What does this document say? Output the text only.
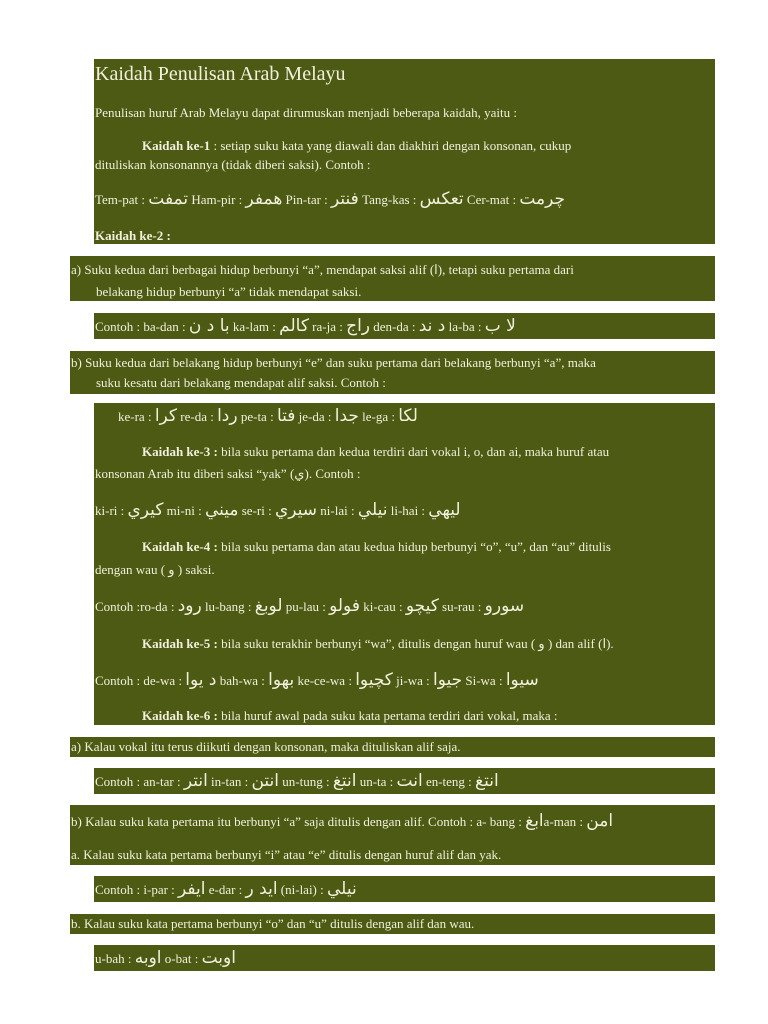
Kaidah Penulisan Arab Melayu
Penulisan huruf Arab Melayu dapat dirumuskan menjadi beberapa kaidah, yaitu :
Kaidah ke-1 : setiap suku kata yang diawali dan diakhiri dengan konsonan, cukup
dituliskan konsonannya (tidak diberi saksi). Contoh :
Tem-pat : تمفت Ham-pir : همفر Pin-tar : فنتر Tang-kas : تعكس Cer-mat : چرمت
Kaidah ke-2 :
a) Suku kedua dari berbagai hidup berbunyi “a”, mendapat saksi alif (ا), tetapi suku pertama dari
belakang hidup berbunyi “a” tidak mendapat saksi.
Contoh : ba-dan : با د ن ka-lam : كالم ra-ja : راج den-da : د ند la-ba : لا ب
b) Suku kedua dari belakang hidup berbunyi “e” dan suku pertama dari belakang berbunyi “a”, maka
suku kesatu dari belakang mendapat alif saksi. Contoh :
ke-ra : كرا re-da : ردا pe-ta : فتا je-da : جدا le-ga : لكا
Kaidah ke-3 : bila suku pertama dan kedua terdiri dari vokal i, o, dan ai, maka huruf atau
konsonan Arab itu diberi saksi “yak” (ي). Contoh :
ki-ri : كيري mi-ni : ميني se-ri : سيري ni-lai : نيلي li-hai : ليهي
Kaidah ke-4 : bila suku pertama dan atau kedua hidup berbunyi “o”, “u”, dan “au” ditulis
dengan wau ( و ) saksi.
Contoh :ro-da : رود lu-bang : لوبغ pu-lau : فولو ki-cau : كيچو su-rau : سورو
Kaidah ke-5 : bila suku terakhir berbunyi “wa”, ditulis dengan huruf wau ( و ) dan alif (ا).
Contoh : de-wa : د يوا bah-wa : بهوا ke-ce-wa : كچيوا ji-wa : جيوا Si-wa : سيوا
Kaidah ke-6 : bila huruf awal pada suku kata pertama terdiri dari vokal, maka :
a) Kalau vokal itu terus diikuti dengan konsonan, maka dituliskan alif saja.
Contoh : an-tar : انتر in-tan : انتن un-tung : انتغ un-ta : انت en-teng : انتغ
b) Kalau suku kata pertama itu berbunyi “a” saja ditulis dengan alif. Contoh : a- bang : ابغa-man : امن
a. Kalau suku kata pertama berbunyi “i” atau “e” ditulis dengan huruf alif dan yak.
Contoh : i-par : ايفر e-dar : ايد ر (ni-lai) : نيلي
b. Kalau suku kata pertama berbunyi “o” dan “u” ditulis dengan alif dan wau.
u-bah : اوبه o-bat : اوبت
